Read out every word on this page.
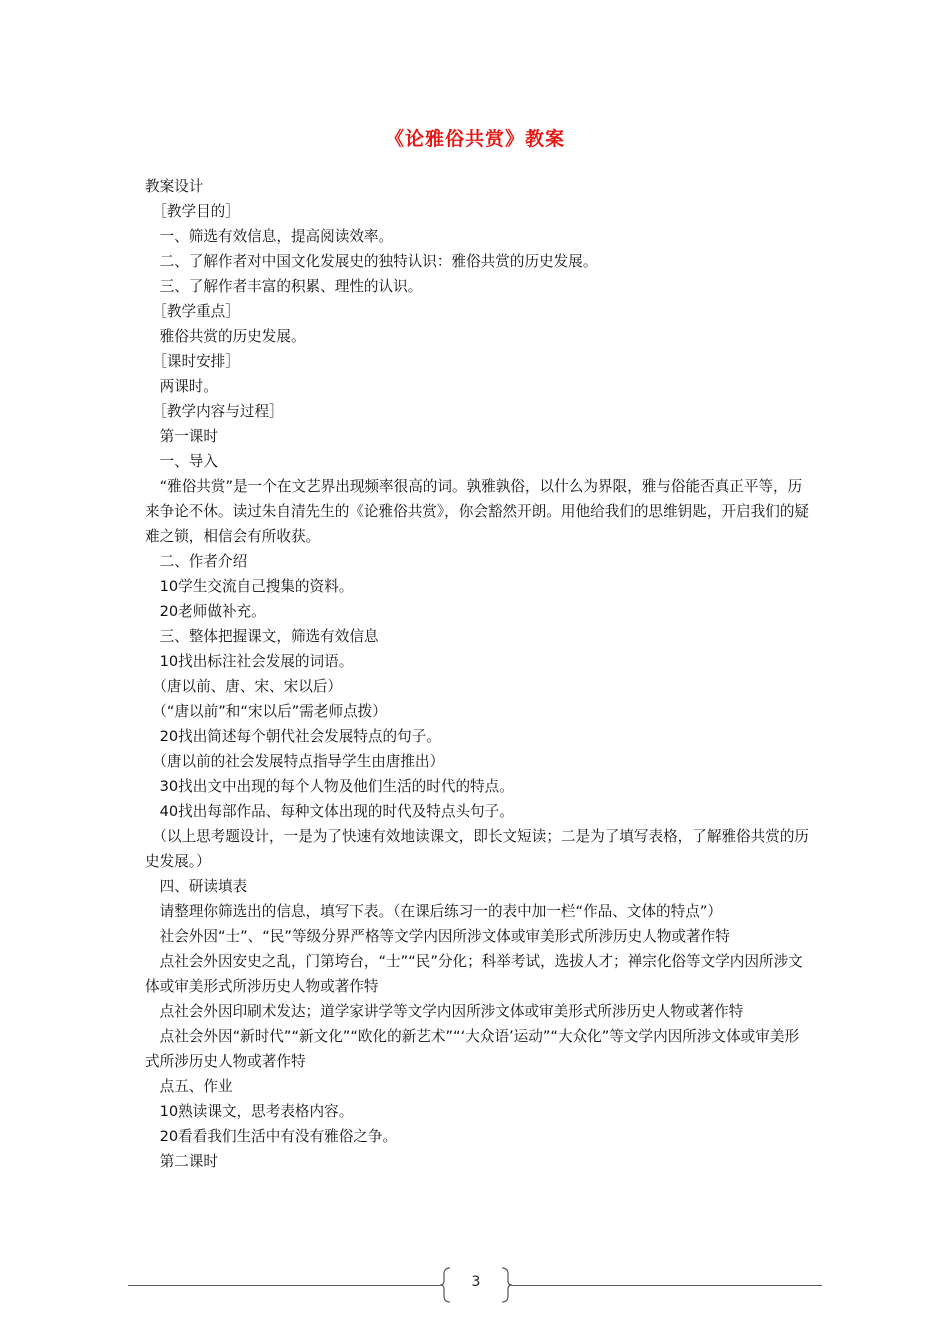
《论雅俗共赏》教案

教案设计

　［教学目的］

　一、筛选有效信息，提高阅读效率。

　二、了解作者对中国文化发展史的独特认识：雅俗共赏的历史发展。

　三、了解作者丰富的积累、理性的认识。

　［教学重点］

　雅俗共赏的历史发展。

　［课时安排］

　两课时。

　［教学内容与过程］

　第一课时

　一、导入

　“雅俗共赏”是一个在文艺界出现频率很高的词。孰雅孰俗，以什么为界限，雅与俗能否真正平等，历来争论不休。读过朱自清先生的《论雅俗共赏》，你会豁然开朗。用他给我们的思维钥匙，开启我们的疑难之锁，相信会有所收获。

　二、作者介绍

　10学生交流自己搜集的资料。

　20老师做补充。

　三、整体把握课文，筛选有效信息

　10找出标注社会发展的词语。

　（唐以前、唐、宋、宋以后）

　（“唐以前”和“宋以后”需老师点拨）

　20找出简述每个朝代社会发展特点的句子。

　（唐以前的社会发展特点指导学生由唐推出）

　30找出文中出现的每个人物及他们生活的时代的特点。

　40找出每部作品、每种文体出现的时代及特点头句子。

　（以上思考题设计，一是为了快速有效地读课文，即长文短读；二是为了填写表格，了解雅俗共赏的历史发展。）

　四、研读填表

　请整理你筛选出的信息，填写下表。（在课后练习一的表中加一栏“作品、文体的特点”）

　社会外因“士”、“民”等级分界严格等文学内因所涉文体或审美形式所涉历史人物或著作特

　点社会外因安史之乱，门第垮台，“士”“民”分化；科举考试，选拔人才；禅宗化俗等文学内因所涉文体或审美形式所涉历史人物或著作特

　点社会外因印刷术发达；道学家讲学等文学内因所涉文体或审美形式所涉历史人物或著作特

　点社会外因“新时代”“新文化”“欧化的新艺术”“‘大众语’运动”“大众化”等文学内因所涉文体或审美形式所涉历史人物或著作特

　点五、作业

　10熟读课文，思考表格内容。

　20看看我们生活中有没有雅俗之争。

　第二课时

3
